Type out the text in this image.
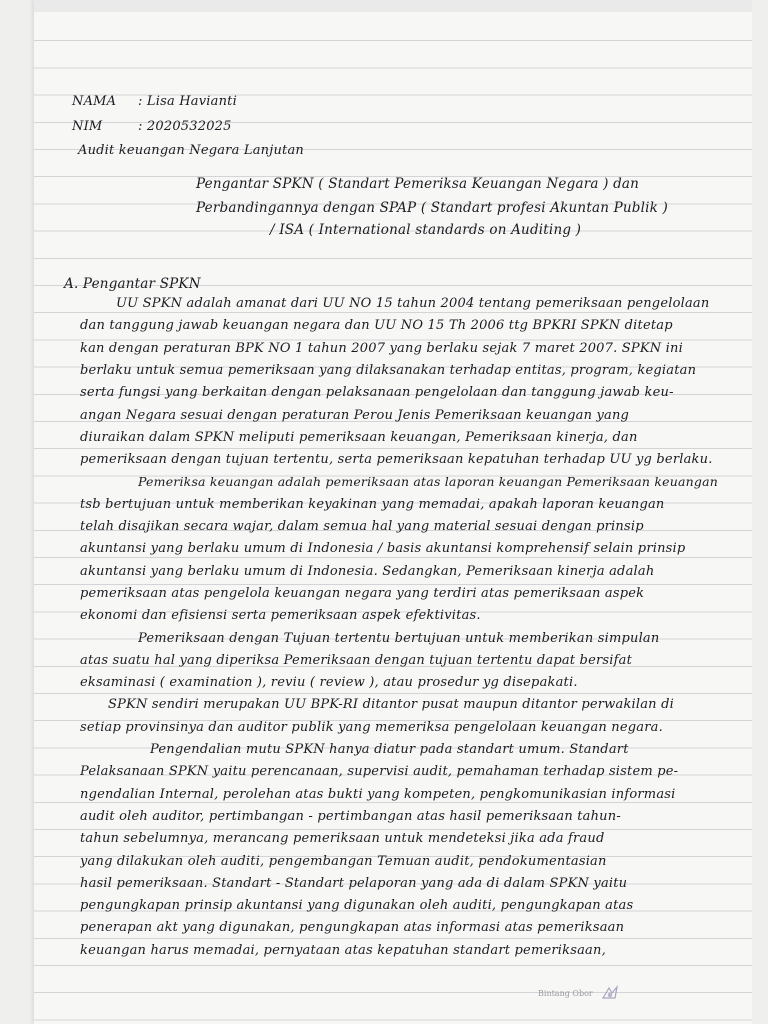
NAMA : Lisa Havianti
NIM	: 2020532025
Audit keuangan Negara Lanjutan
Pengantar SPKN ( Standart Pemeriksa Keuangan Negara ) dan
Perbandingannya dengan SPAP ( Standart profesi Akuntan Publik )
/ ISA ( International standards on Auditing )
A. Pengantar SPKN
UU SPKN adalah amanat dari UU NO 15 tahun 2004 tentang pemeriksaan pengelolaan
dan tanggung jawab keuangan negara dan UU NO 15 Th 2006 ttg BPKRI SPKN ditetap
kan dengan peraturan BPK NO 1 tahun 2007 yang berlaku sejak 7 maret 2007. SPKN ini
berlaku untuk semua pemeriksaan yang dilaksanakan terhadap entitas, program, kegiatan
serta fungsi yang berkaitan dengan pelaksanaan pengelolaan dan tanggung jawab keu-
angan Negara sesuai dengan peraturan Perou Jenis Pemeriksaan keuangan yang
diuraikan dalam SPKN meliputi pemeriksaan keuangan, Pemeriksaan kinerja, dan
pemeriksaan dengan tujuan tertentu, serta pemeriksaan kepatuhan terhadap UU yg berlaku.
Pemeriksa keuangan adalah pemeriksaan atas laporan keuangan Pemeriksaan keuangan
tsb bertujuan untuk memberikan keyakinan yang memadai, apakah laporan keuangan
telah disajikan secara wajar, dalam semua hal yang material sesuai dengan prinsip
akuntansi yang berlaku umum di Indonesia / basis akuntansi komprehensif selain prinsip
akuntansi yang berlaku umum di Indonesia. Sedangkan, Pemeriksaan kinerja adalah
pemeriksaan atas pengelola keuangan negara yang terdiri atas pemeriksaan aspek
ekonomi dan efisiensi serta pemeriksaan aspek efektivitas.
Pemeriksaan dengan Tujuan tertentu bertujuan untuk memberikan simpulan
atas suatu hal yang diperiksa Pemeriksaan dengan tujuan tertentu dapat bersifat
eksaminasi ( examination ), reviu ( review ), atau prosedur yg disepakati.
SPKN sendiri merupakan UU BPK-RI ditantor pusat maupun ditantor perwakilan di
setiap provinsinya dan auditor publik yang memeriksa pengelolaan keuangan negara.
Pengendalian mutu SPKN hanya diatur pada standart umum. Standart
Pelaksanaan SPKN yaitu perencanaan, supervisi audit, pemahaman terhadap sistem pe-
ngendalian Internal, perolehan atas bukti yang kompeten, pengkomunikasian informasi
audit oleh auditor, pertimbangan - pertimbangan atas hasil pemeriksaan tahun-
tahun sebelumnya, merancang pemeriksaan untuk mendeteksi jika ada fraud
yang dilakukan oleh auditi, pengembangan Temuan audit, pendokumentasian
hasil pemeriksaan. Standart - Standart pelaporan yang ada di dalam SPKN yaitu
pengungkapan prinsip akuntansi yang digunakan oleh auditi, pengungkapan atas
penerapan akt yang digunakan, pengungkapan atas informasi atas pemeriksaan
keuangan harus memadai, pernyataan atas kepatuhan standart pemeriksaan,
Bintang Obor
